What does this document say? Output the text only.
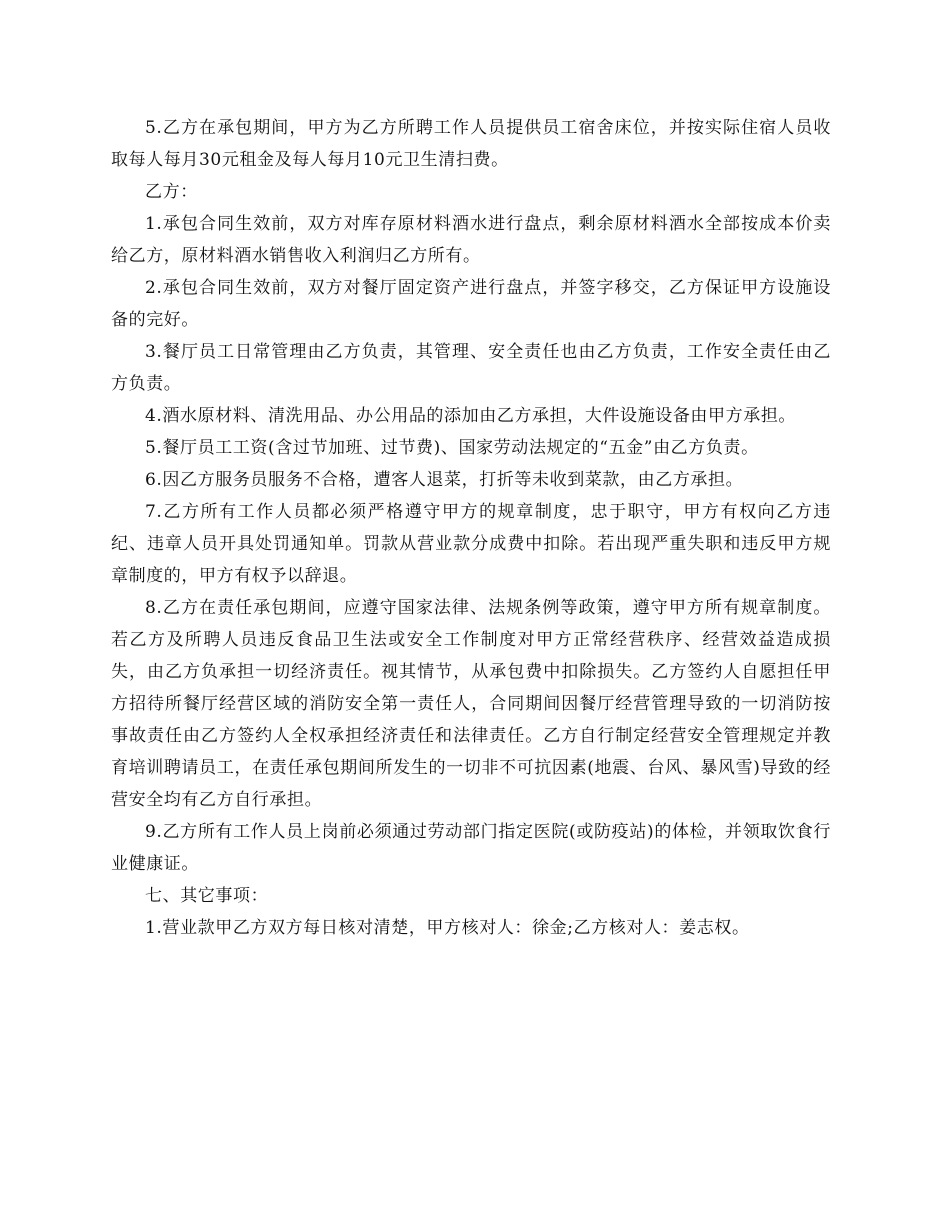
5.乙方在承包期间，甲方为乙方所聘工作人员提供员工宿舍床位，并按实际住宿人员收取每人每月30元租金及每人每月10元卫生清扫费。

乙方：

1.承包合同生效前，双方对库存原材料酒水进行盘点，剩余原材料酒水全部按成本价卖给乙方，原材料酒水销售收入利润归乙方所有。

2.承包合同生效前，双方对餐厅固定资产进行盘点，并签字移交，乙方保证甲方设施设备的完好。

3.餐厅员工日常管理由乙方负责，其管理、安全责任也由乙方负责，工作安全责任由乙方负责。

4.酒水原材料、清洗用品、办公用品的添加由乙方承担，大件设施设备由甲方承担。

5.餐厅员工工资(含过节加班、过节费)、国家劳动法规定的“五金”由乙方负责。

6.因乙方服务员服务不合格，遭客人退菜，打折等未收到菜款，由乙方承担。

7.乙方所有工作人员都必须严格遵守甲方的规章制度，忠于职守，甲方有权向乙方违纪、违章人员开具处罚通知单。罚款从营业款分成费中扣除。若出现严重失职和违反甲方规章制度的，甲方有权予以辞退。

8.乙方在责任承包期间，应遵守国家法律、法规条例等政策，遵守甲方所有规章制度。若乙方及所聘人员违反食品卫生法或安全工作制度对甲方正常经营秩序、经营效益造成损失，由乙方负承担一切经济责任。视其情节，从承包费中扣除损失。乙方签约人自愿担任甲方招待所餐厅经营区域的消防安全第一责任人，合同期间因餐厅经营管理导致的一切消防按事故责任由乙方签约人全权承担经济责任和法律责任。乙方自行制定经营安全管理规定并教育培训聘请员工，在责任承包期间所发生的一切非不可抗因素(地震、台风、暴风雪)导致的经营安全均有乙方自行承担。

9.乙方所有工作人员上岗前必须通过劳动部门指定医院(或防疫站)的体检，并领取饮食行业健康证。

七、其它事项：

1.营业款甲乙方双方每日核对清楚，甲方核对人：徐金;乙方核对人：姜志权。
